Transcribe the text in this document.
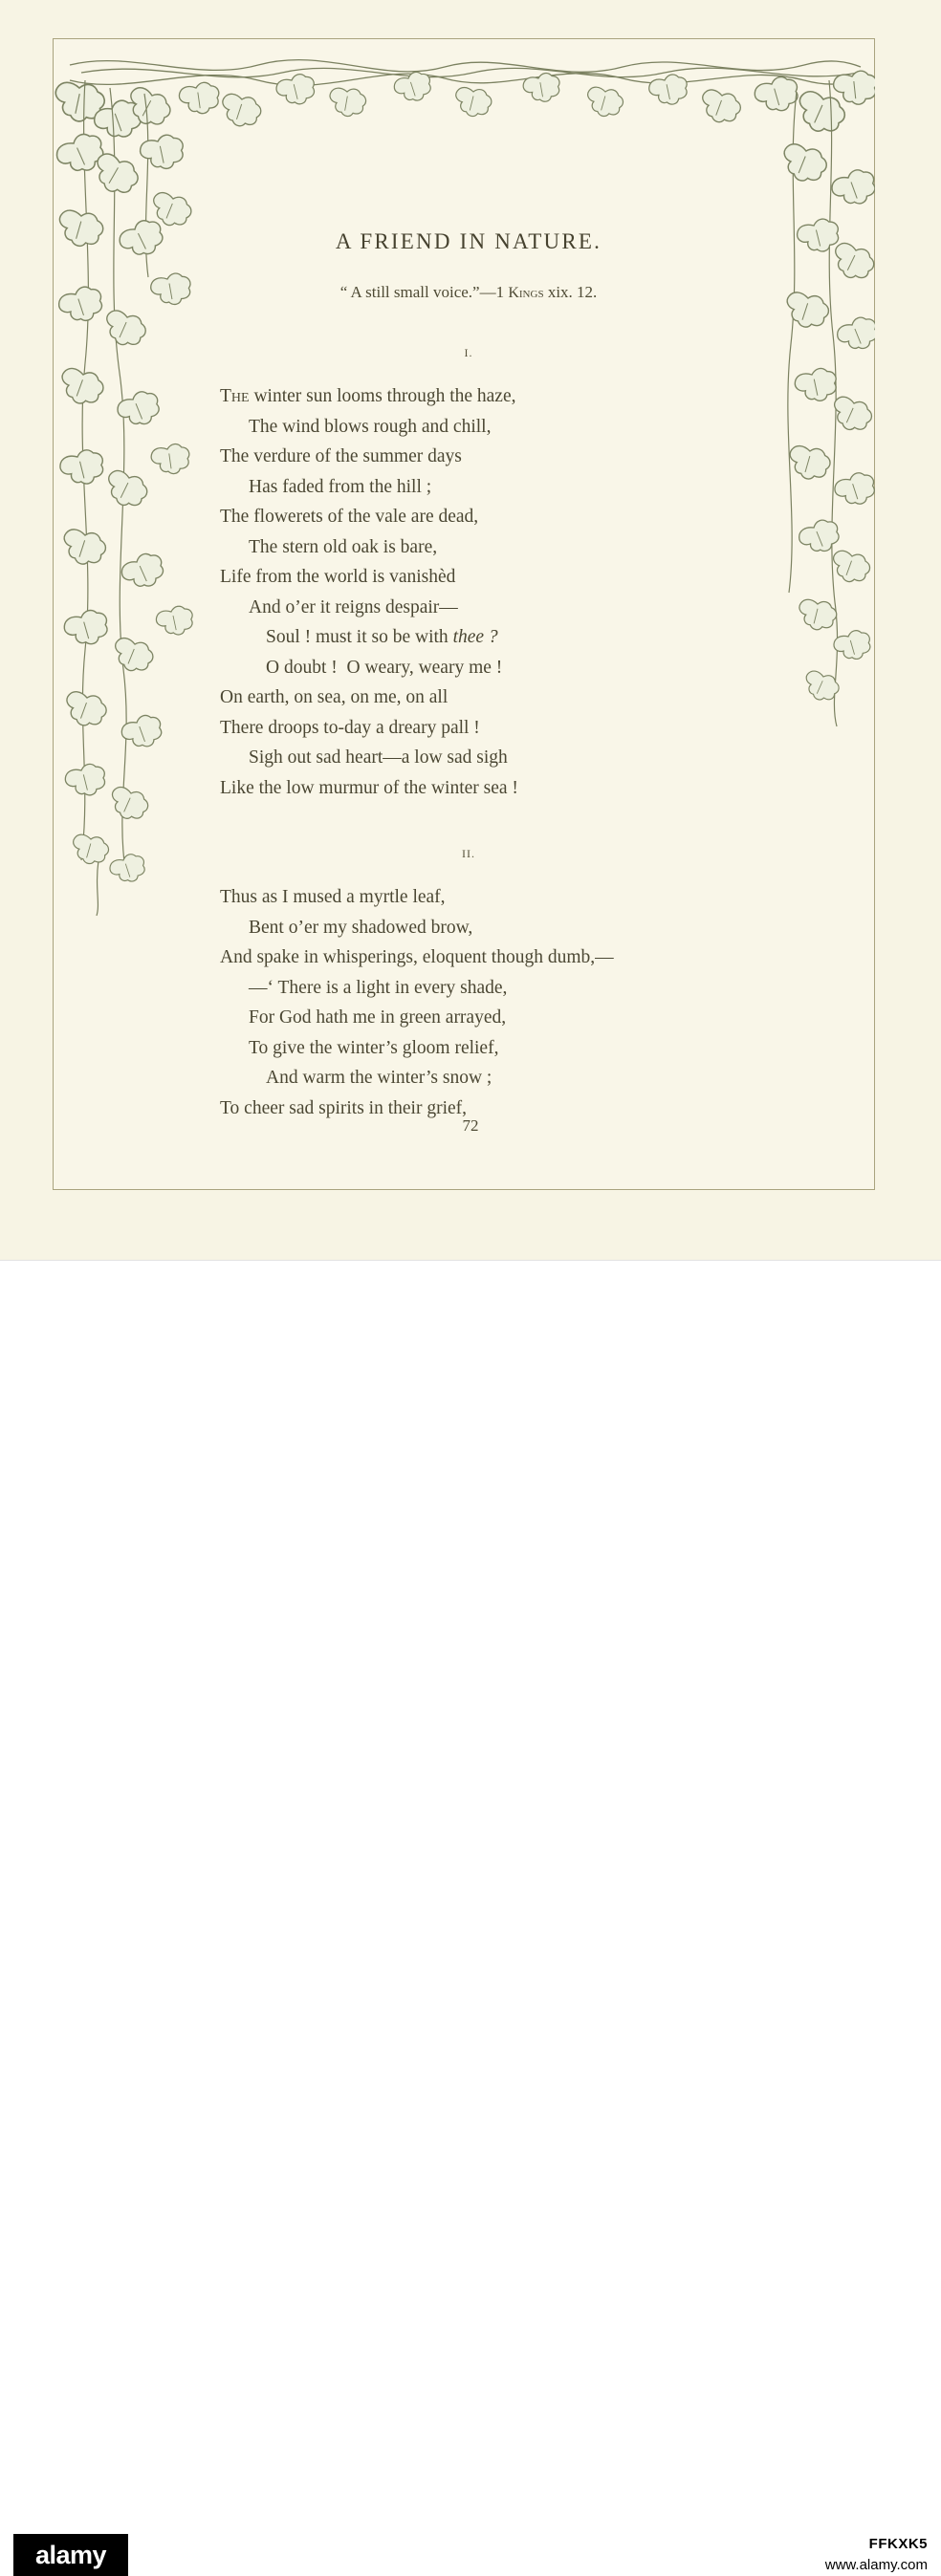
A FRIEND IN NATURE.

“ A still small voice.”—1 Kings xix. 12.

I.
The winter sun looms through the haze,
The wind blows rough and chill,
The verdure of the summer days
Has faded from the hill ;
The flowerets of the vale are dead,
The stern old oak is bare,
Life from the world is vanishèd
And o’er it reigns despair—
Soul ! must it so be with thee ?
O doubt !  O weary, weary me !
On earth, on sea, on me, on all
There droops to-day a dreary pall !
Sigh out sad heart—a low sad sigh
Like the low murmur of the winter sea !
II.
Thus as I mused a myrtle leaf,
Bent o’er my shadowed brow,
And spake in whisperings, eloquent though dumb,—
—‘ There is a light in every shade,
For God hath me in green arrayed,
To give the winter’s gloom relief,
And warm the winter’s snow ;
To cheer sad spirits in their grief,
72
alamy	FFKXK5
www.alamy.com
